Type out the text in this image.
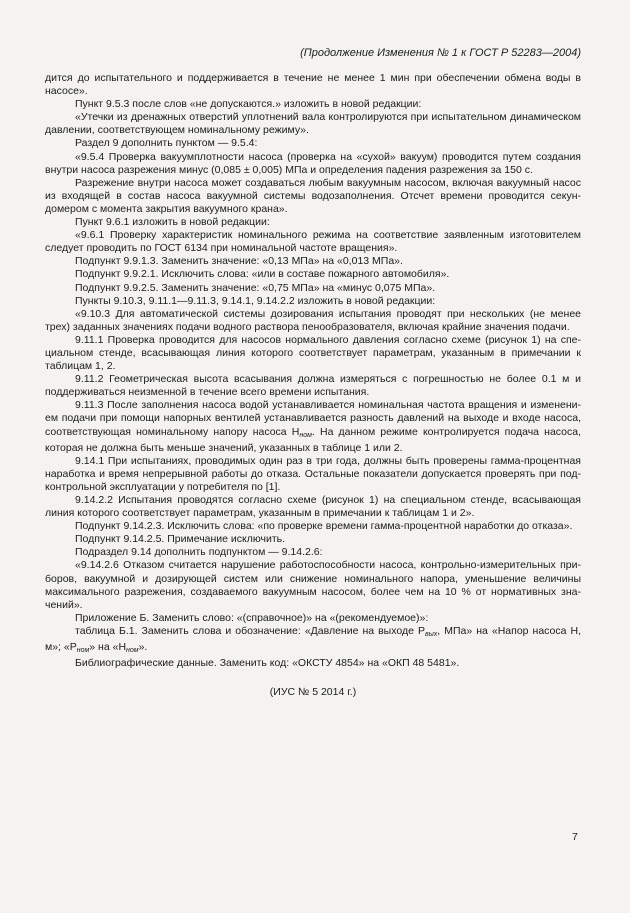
(Продолжение Изменения № 1 к ГОСТ Р 52283—2004)

дится до испытательного и поддерживается в течение не менее 1 мин при обеспечении обмена воды в насосе».

Пункт 9.5.3 после слов «не допускаются.» изложить в новой редакции:

«Утечки из дренажных отверстий уплотнений вала контролируются при испытательном динамическом давлении, соответствующем номинальному режиму».

Раздел 9 дополнить пунктом — 9.5.4:

«9.5.4 Проверка вакуумплотности насоса (проверка на «сухой» вакуум) проводится путем создания внутри насоса разрежения минус (0,085 ± 0,005) МПа и определения падения разрежения за 150 с.

Разрежение внутри насоса может создаваться любым вакуумным насосом, включая вакуумный насос из входящей в состав насоса вакуумной системы водозаполнения. Отсчет времени проводится секундомером с момента закрытия вакуумного крана».

Пункт 9.6.1 изложить в новой редакции:

«9.6.1 Проверку характеристик номинального режима на соответствие заявленным изготовителем следует проводить по ГОСТ 6134 при номинальной частоте вращения».

Подпункт 9.9.1.3. Заменить значение: «0,13 МПа» на «0,013 МПа».

Подпункт 9.9.2.1. Исключить слова: «или в составе пожарного автомобиля».

Подпункт 9.9.2.5. Заменить значение: «0,75 МПа» на «минус 0,075 МПа».

Пункты 9.10.3, 9.11.1—9.11.3, 9.14.1, 9.14.2.2 изложить в новой редакции:

«9.10.3 Для автоматической системы дозирования испытания проводят при нескольких (не менее трех) заданных значениях подачи водного раствора пенообразователя, включая крайние значения подачи.

9.11.1 Проверка проводится для насосов нормального давления согласно схеме (рисунок 1) на специальном стенде, всасывающая линия которого соответствует параметрам, указанным в примечании к таблицам 1, 2.

9.11.2 Геометрическая высота всасывания должна измеряться с погрешностью не более 0.1 м и поддерживаться неизменной в течение всего времени испытания.

9.11.3 После заполнения насоса водой устанавливается номинальная частота вращения и изменением подачи при помощи напорных вентилей устанавливается разность давлений на выходе и входе насоса, соответствующая номинальному напору насоса $Н_{ном}$. На данном режиме контролируется подача насоса, которая не должна быть меньше значений, указанных в таблице 1 или 2.

9.14.1 При испытаниях, проводимых один раз в три года, должны быть проверены гамма-процентная наработка и время непрерывной работы до отказа. Остальные показатели допускается проверять при подконтрольной эксплуатации у потребителя по [1].

9.14.2.2 Испытания проводятся согласно схеме (рисунок 1) на специальном стенде, всасывающая линия которого соответствует параметрам, указанным в примечании к таблицам 1 и 2».

Подпункт 9.14.2.3. Исключить слова: «по проверке времени гамма-процентной наработки до отказа».

Подпункт 9.14.2.5. Примечание исключить.

Подраздел 9.14 дополнить подпунктом — 9.14.2.6:

«9.14.2.6 Отказом считается нарушение работоспособности насоса, контрольно-измерительных приборов, вакуумной и дозирующей систем или снижение номинального напора, уменьшение величины максимального разрежения, создаваемого вакуумным насосом, более чем на 10 % от нормативных значений».

Приложение Б. Заменить слово: «(справочное)» на «(рекомендуемое)»:

таблица Б.1. Заменить слова и обозначение: «Давление на выходе $Р_{вых}$, МПа» на «Напор насоса Н, м»; «$Р_{ном}$» на «$Н_{ном}$».

Библиографические данные. Заменить код: «ОКСТУ 4854» на «ОКП 48 5481».

(ИУС № 5 2014 г.)

7
